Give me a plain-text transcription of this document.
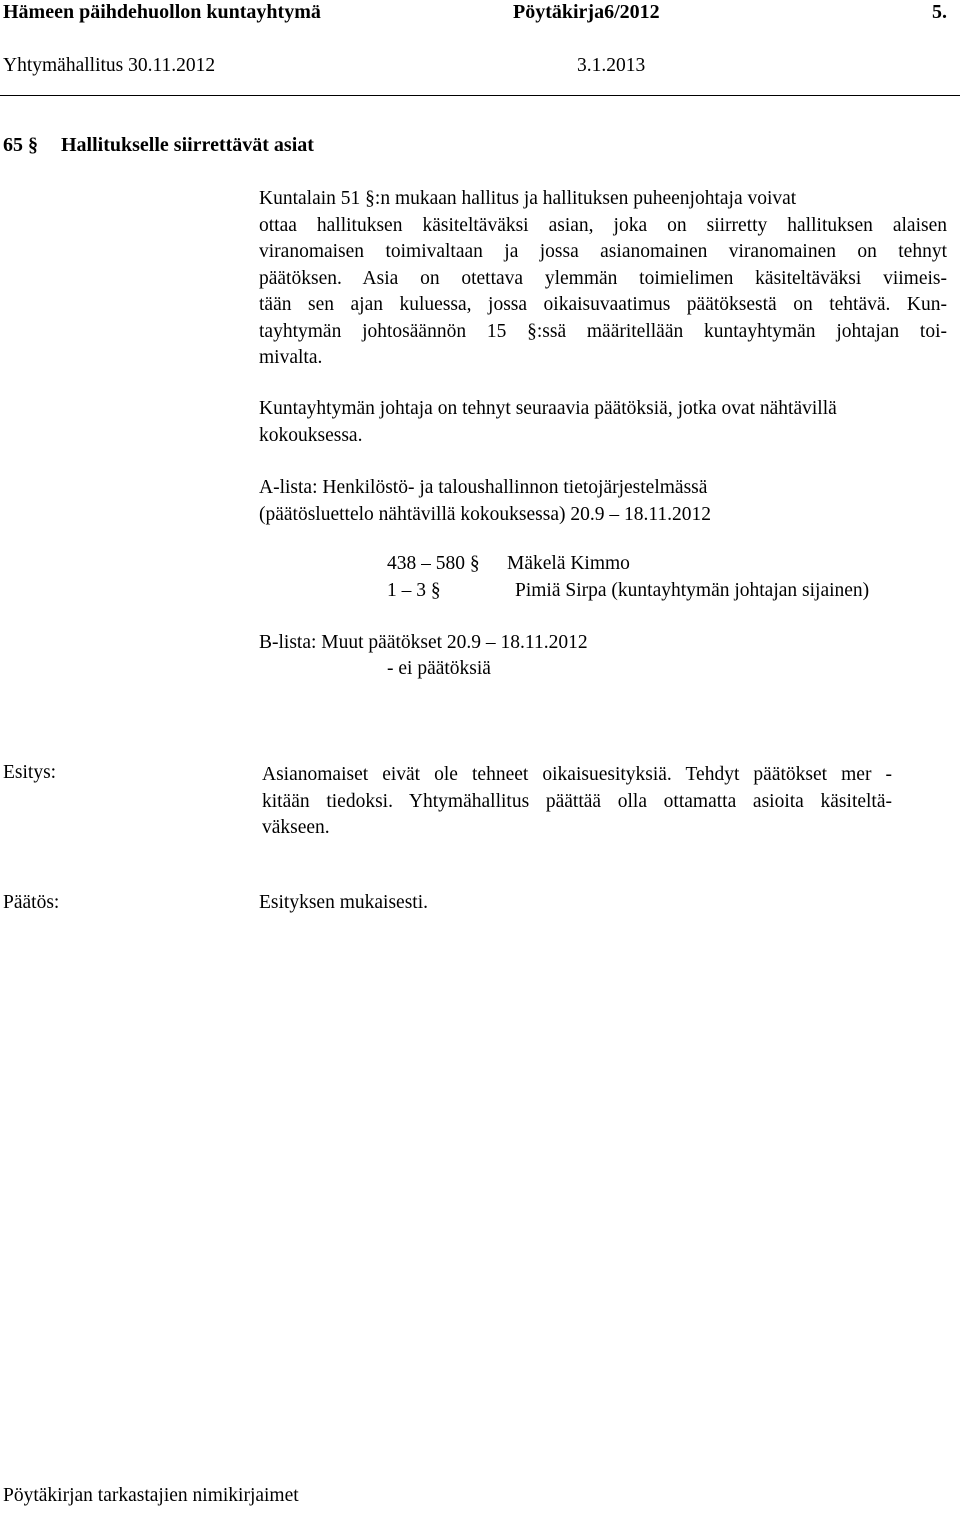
Hämeen päihdehuollon kuntayhtymä	Pöytäkirja6/2012	5.
Yhtymähallitus 30.11.2012	3.1.2013
65 § Hallitukselle siirrettävät asiat
Kuntalain 51 §:n mukaan hallitus ja hallituksen puheenjohtaja voivat
ottaa hallituksen käsiteltäväksi asian, joka on siirretty hallituksen alaisen
viranomaisen toimivaltaan ja jossa asianomainen viranomainen on tehnyt
päätöksen. Asia on otettava ylemmän toimielimen käsiteltäväksi viimeis-
tään sen ajan kuluessa, jossa oikaisuvaatimus päätöksestä on tehtävä. Kun-
tayhtymän johtosäännön 15 §:ssä määritellään kuntayhtymän johtajan toi-
mivalta.
Kuntayhtymän johtaja on tehnyt seuraavia päätöksiä, jotka ovat nähtävillä
kokouksessa.
A-lista: Henkilöstö- ja taloushallinnon tietojärjestelmässä
(päätösluettelo nähtävillä kokouksessa) 20.9 – 18.11.2012
438 – 580 § Mäkelä Kimmo
1 – 3 §	Pimiä Sirpa (kuntayhtymän johtajan sijainen)
B-lista: Muut päätökset 20.9 – 18.11.2012
- ei päätöksiä
Esitys:	Asianomaiset eivät ole tehneet oikaisuesityksiä. Tehdyt päätökset mer -
kitään tiedoksi. Yhtymähallitus päättää olla ottamatta asioita käsiteltä-
väkseen.
Päätös:	Esityksen mukaisesti.
Pöytäkirjan tarkastajien nimikirjaimet
